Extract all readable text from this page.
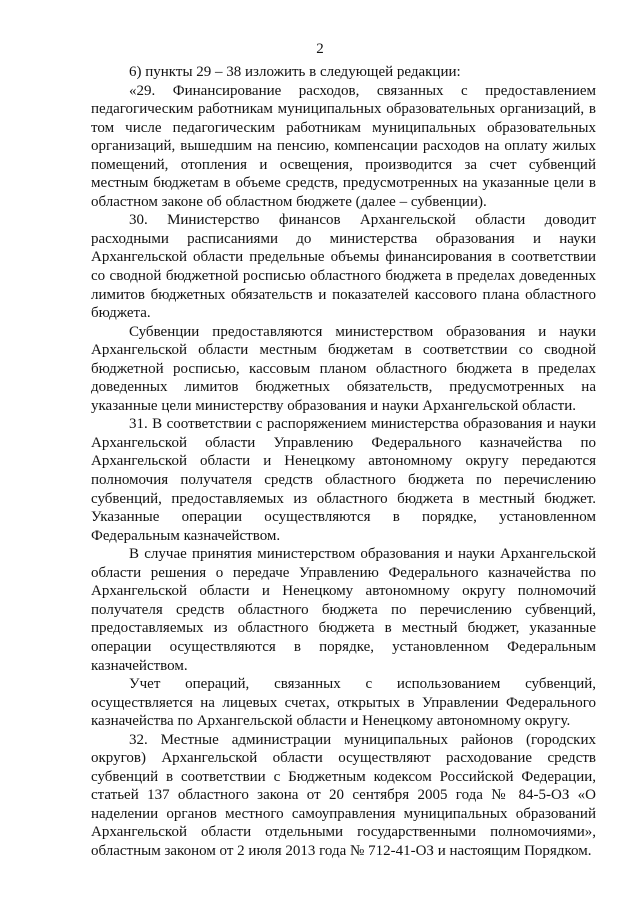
2

6) пункты 29 – 38 изложить в следующей редакции:

«29. Финансирование расходов, связанных с предоставлением педагогическим работникам муниципальных образовательных организаций, в том числе педагогическим работникам муниципальных образовательных организаций, вышедшим на пенсию, компенсации расходов на оплату жилых помещений, отопления и освещения, производится за счет субвенций местным бюджетам в объеме средств, предусмотренных на указанные цели в областном законе об областном бюджете (далее – субвенции).

30. Министерство финансов Архангельской области доводит расходными расписаниями до министерства образования и науки Архангельской области предельные объемы финансирования в соответствии со сводной бюджетной росписью областного бюджета в пределах доведенных лимитов бюджетных обязательств и показателей кассового плана областного бюджета.

Субвенции предоставляются министерством образования и науки Архангельской области местным бюджетам в соответствии со сводной бюджетной росписью, кассовым планом областного бюджета в пределах доведенных лимитов бюджетных обязательств, предусмотренных на указанные цели министерству образования и науки Архангельской области.

31. В соответствии с распоряжением министерства образования и науки Архангельской области Управлению Федерального казначейства по Архангельской области и Ненецкому автономному округу передаются полномочия получателя средств областного бюджета по перечислению субвенций, предоставляемых из областного бюджета в местный бюджет. Указанные операции осуществляются в порядке, установленном Федеральным казначейством.

В случае принятия министерством образования и науки Архангельской области решения о передаче Управлению Федерального казначейства по Архангельской области и Ненецкому автономному округу полномочий получателя средств областного бюджета по перечислению субвенций, предоставляемых из областного бюджета в местный бюджет, указанные операции осуществляются в порядке, установленном Федеральным казначейством.

Учет операций, связанных с использованием субвенций, осуществляется на лицевых счетах, открытых в Управлении Федерального казначейства по Архангельской области и Ненецкому автономному округу.

32. Местные администрации муниципальных районов (городских округов) Архангельской области осуществляют расходование средств субвенций в соответствии с Бюджетным кодексом Российской Федерации, статьей 137 областного закона от 20 сентября 2005 года № 84-5-ОЗ «О наделении органов местного самоуправления муниципальных образований Архангельской области отдельными государственными полномочиями», областным законом от 2 июля 2013 года № 712-41-ОЗ и настоящим Порядком.
